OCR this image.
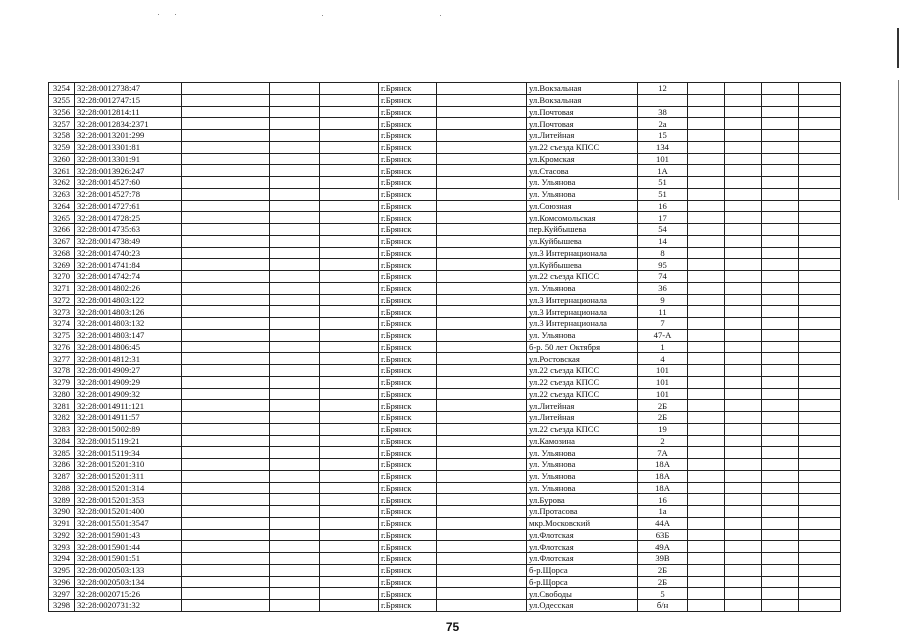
3254	32:28:0012738:47				г.Брянск		ул.Вокзальная	12				
3255	32:28:0012747:15				г.Брянск		ул.Вокзальная					
3256	32:28:0012814:11				г.Брянск		ул.Почтовая	38				
3257	32:28:0012834:2371				г.Брянск		ул.Почтовая	2а				
3258	32:28:0013201:299				г.Брянск		ул.Литейная	15				
3259	32:28:0013301:81				г.Брянск		ул.22 съезда КПСС	134				
3260	32:28:0013301:91				г.Брянск		ул.Кромская	101				
3261	32:28:0013926:247				г.Брянск		ул.Стасова	1А				
3262	32:28:0014527:60				г.Брянск		ул. Ульянова	51				
3263	32:28:0014527:78				г.Брянск		ул. Ульянова	51				
3264	32:28:0014727:61				г.Брянск		ул.Союзная	16				
3265	32:28:0014728:25				г.Брянск		ул.Комсомольская	17				
3266	32:28:0014735:63				г.Брянск		пер.Куйбышева	54				
3267	32:28:0014738:49				г.Брянск		ул.Куйбышева	14				
3268	32:28:0014740:23				г.Брянск		ул.3 Интернационала	8				
3269	32:28:0014741:84				г.Брянск		ул.Куйбышева	95				
3270	32:28:0014742:74				г.Брянск		ул.22 съезда КПСС	74				
3271	32:28:0014802:26				г.Брянск		ул. Ульянова	36				
3272	32:28:0014803:122				г.Брянск		ул.3 Интернационала	9				
3273	32:28:0014803:126				г.Брянск		ул.3 Интернационала	11				
3274	32:28:0014803:132				г.Брянск		ул.3 Интернационала	7				
3275	32:28:0014803:147				г.Брянск		ул. Ульянова	47-А				
3276	32:28:0014806:45				г.Брянск		б-р. 50 лет Октября	1				
3277	32:28:0014812:31				г.Брянск		ул.Ростовская	4				
3278	32:28:0014909:27				г.Брянск		ул.22 съезда КПСС	101				
3279	32:28:0014909:29				г.Брянск		ул.22 съезда КПСС	101				
3280	32:28:0014909:32				г.Брянск		ул.22 съезда КПСС	101				
3281	32:28:0014911:121				г.Брянск		ул.Литейная	2Б				
3282	32:28:0014911:57				г.Брянск		ул.Литейная	2Б				
3283	32:28:0015002:89				г.Брянск		ул.22 съезда КПСС	19				
3284	32:28:0015119:21				г.Брянск		ул.Камозина	2				
3285	32:28:0015119:34				г.Брянск		ул. Ульянова	7А				
3286	32:28:0015201:310				г.Брянск		ул. Ульянова	18А				
3287	32:28:0015201:311				г.Брянск		ул. Ульянова	18А				
3288	32:28:0015201:314				г.Брянск		ул. Ульянова	18А				
3289	32:28:0015201:353				г.Брянск		ул.Бурова	16				
3290	32:28:0015201:400				г.Брянск		ул.Протасова	1а				
3291	32:28:0015501:3547				г.Брянск		мкр.Московский	44А				
3292	32:28:0015901:43				г.Брянск		ул.Флотская	63Б				
3293	32:28:0015901:44				г.Брянск		ул.Флотская	49А				
3294	32:28:0015901:51				г.Брянск		ул.Флотская	39В				
3295	32:28:0020503:133				г.Брянск		б-р.Щорса	2Б				
3296	32:28:0020503:134				г.Брянск		б-р.Щорса	2Б				
3297	32:28:0020715:26				г.Брянск		ул.Свободы	5				
3298	32:28:0020731:32				г.Брянск		ул.Одесская	б/н				
75
